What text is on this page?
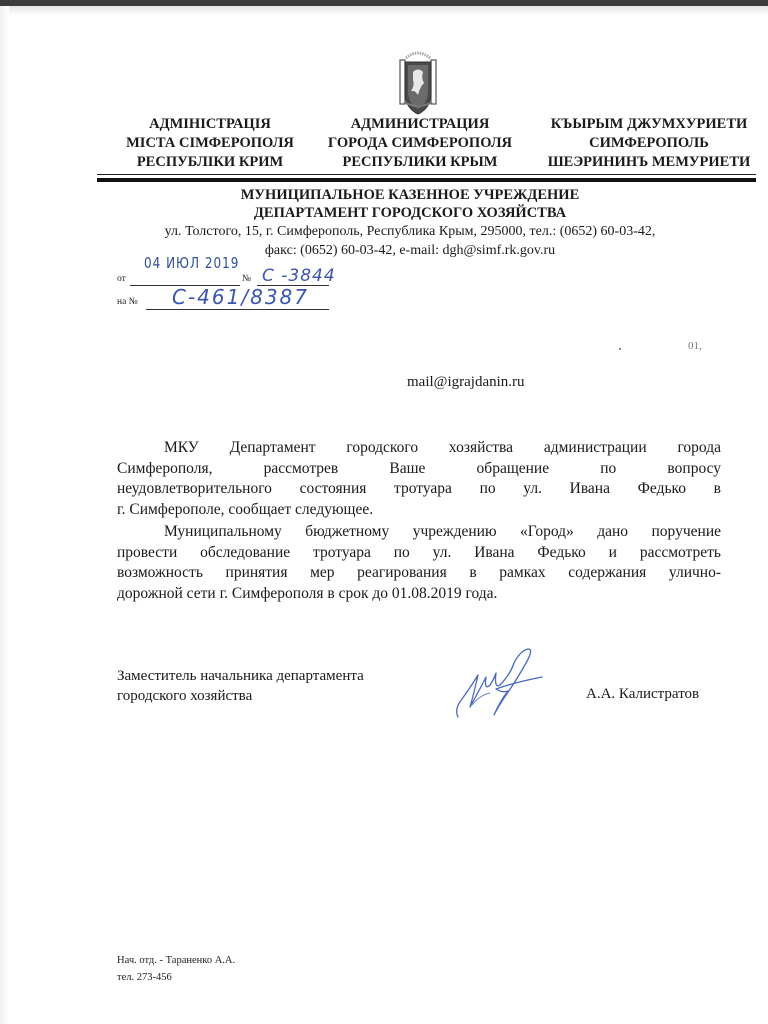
АДМІНІСТРАЦІЯ
МІСТА СІМФЕРОПОЛЯ
РЕСПУБЛІКИ КРИМ
АДМИНИСТРАЦИЯ
ГОРОДА СИМФЕРОПОЛЯ
РЕСПУБЛИКИ КРЫМ
КЪЫРЫМ ДЖУМХУРИЕТИ
СИМФЕРОПОЛЬ
ШЕЭРИНИНЪ МЕМУРИЕТИ
МУНИЦИПАЛЬНОЕ КАЗЕННОЕ УЧРЕЖДЕНИЕ
ДЕПАРТАМЕНТ ГОРОДСКОГО ХОЗЯЙСТВА
ул. Толстого, 15, г. Симферополь, Республика Крым, 295000, тел.: (0652) 60-03-42,
факс: (0652) 60-03-42, e-mail: dgh@simf.rk.gov.ru
04 ИЮЛ 2019
от	№ С -3844
на № С-461/8387
01,
mail@igrajdanin.ru
МКУ Департамент городского хозяйства администрации города
Симферополя, рассмотрев Ваше обращение по вопросу
неудовлетворительного состояния тротуара по ул. Ивана Федько в
г. Симферополе, сообщает следующее.
Муниципальному бюджетному учреждению «Город» дано поручение
провести обследование тротуара по ул. Ивана Федько и рассмотреть
возможность принятия мер реагирования в рамках содержания улично-
дорожной сети г. Симферополя в срок до 01.08.2019 года.
Заместитель начальника департамента
городского хозяйства	А.А. Калистратов
Нач. отд. - Тараненко А.А.
тел. 273-456
